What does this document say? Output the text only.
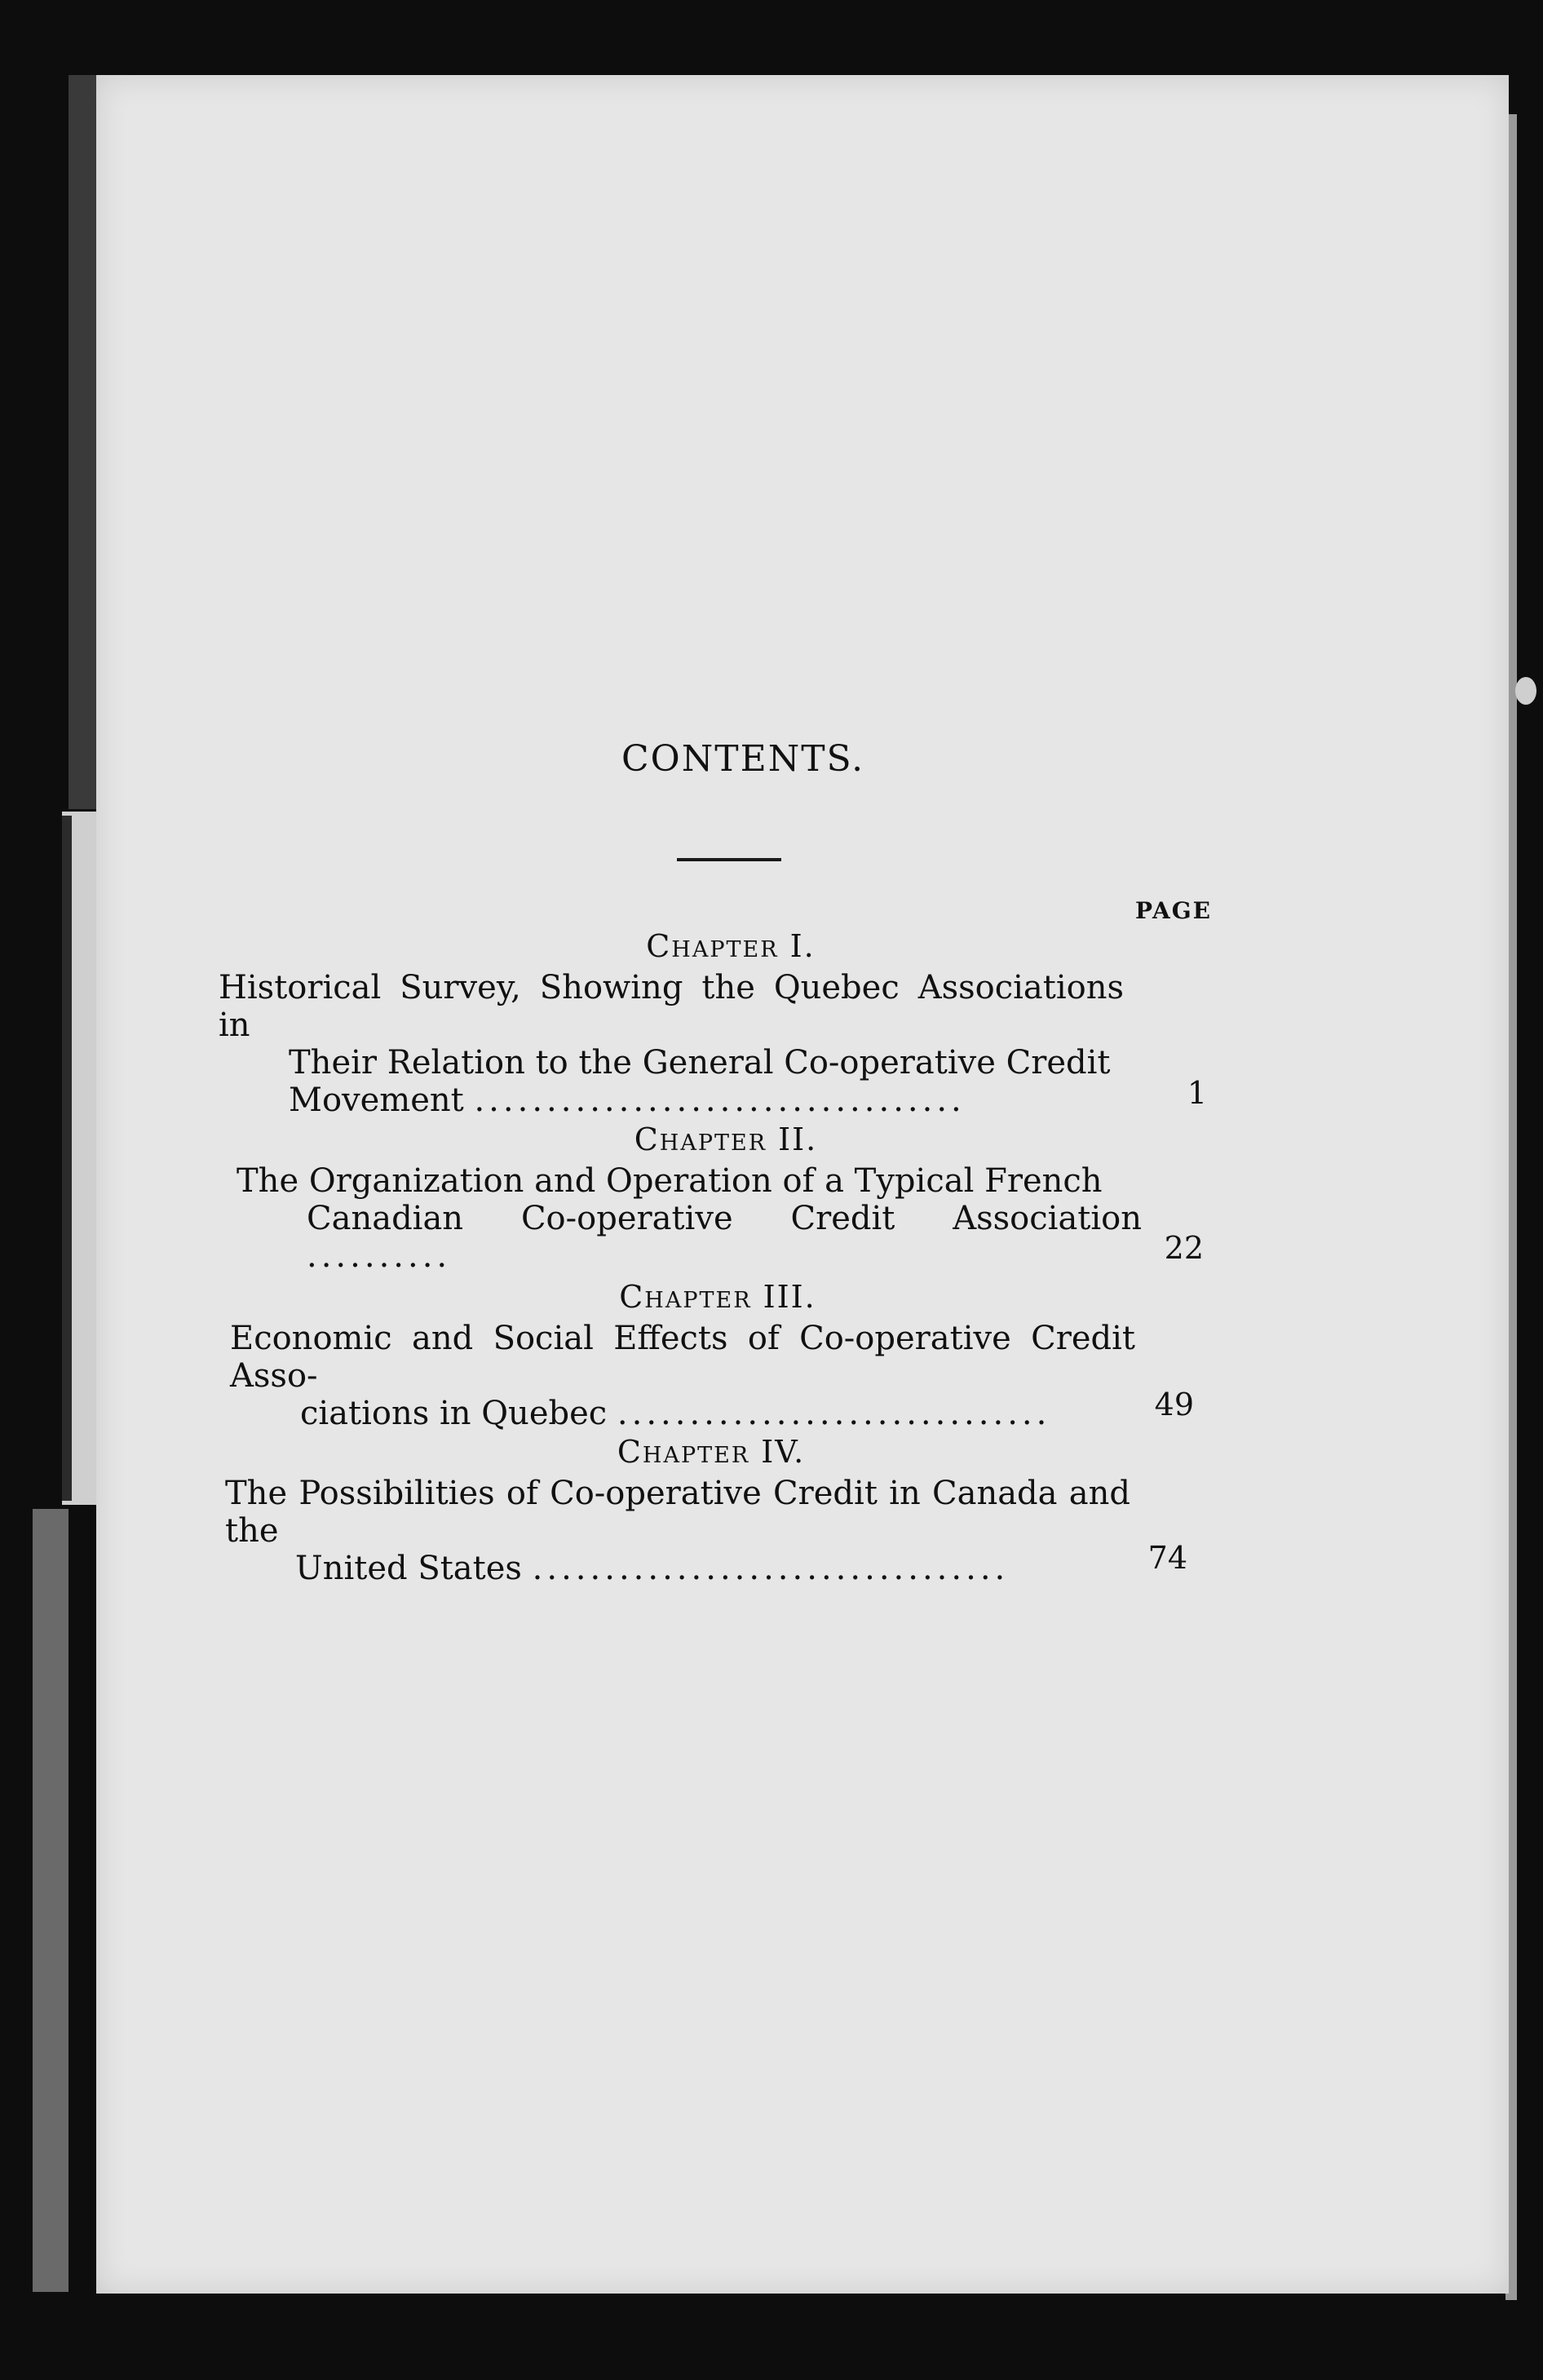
CONTENTS.
PAGE
Chapter I.
Historical Survey, Showing the Quebec Associations in
Their Relation to the General Co-operative Credit
Movement ..................................	1
Chapter II.
The Organization and Operation of a Typical French
Canadian Co-operative Credit Association ..........	22
Chapter III.
Economic and Social Effects of Co-operative Credit Asso-
ciations in Quebec ..............................	49
Chapter IV.
The Possibilities of Co-operative Credit in Canada and the
United States .................................	74
